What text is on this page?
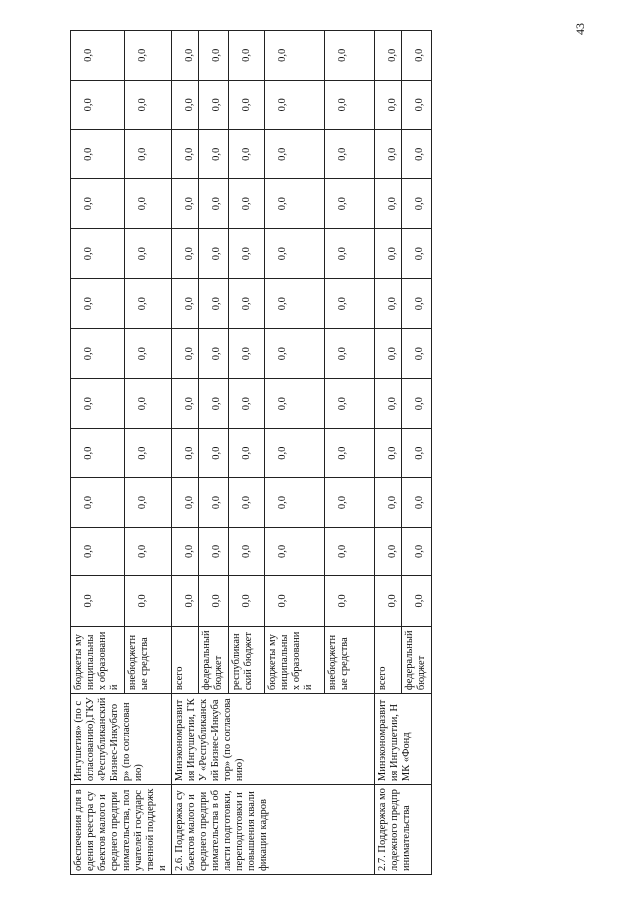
43
обеспечения для ведения реестра субъектов малого и среднего предпринимательства, получателей государственной поддержки	Ингушетия» (по согласованию),ГКУ «Республиканский Бизнес-Инкубатор» (по согласованию)	бюджеты муниципальных образований	0,0	0,0	0,0	0,0	0,0	0,0	0,0	0,0	0,0	0,0	0,0	0,0
		внебюджетные средства	0,0	0,0	0,0	0,0	0,0	0,0	0,0	0,0	0,0	0,0	0,0	0,0
2.6. Поддержка субъектов малого и среднего предпринимательства в области подготовки, переподготовки и повышения квалификации кадров	Минэкономразвития Ингушетии, ГКУ «Республиканский Бизнес-Инкубатор» (по согласованию)	всего	0,0	0,0	0,0	0,0	0,0	0,0	0,0	0,0	0,0	0,0	0,0	0,0
		федеральный бюджет	0,0	0,0	0,0	0,0	0,0	0,0	0,0	0,0	0,0	0,0	0,0	0,0
		республиканский бюджет	0,0	0,0	0,0	0,0	0,0	0,0	0,0	0,0	0,0	0,0	0,0	0,0
		бюджеты муниципальных образований	0,0	0,0	0,0	0,0	0,0	0,0	0,0	0,0	0,0	0,0	0,0	0,0
		внебюджетные средства	0,0	0,0	0,0	0,0	0,0	0,0	0,0	0,0	0,0	0,0	0,0	0,0
2.7. Поддержка молодежного предпринимательства	Минэкономразвития Ингушетии, НМК «Фонд	всего	0,0	0,0	0,0	0,0	0,0	0,0	0,0	0,0	0,0	0,0	0,0	0,0
		федеральный бюджет	0,0	0,0	0,0	0,0	0,0	0,0	0,0	0,0	0,0	0,0	0,0	0,0
